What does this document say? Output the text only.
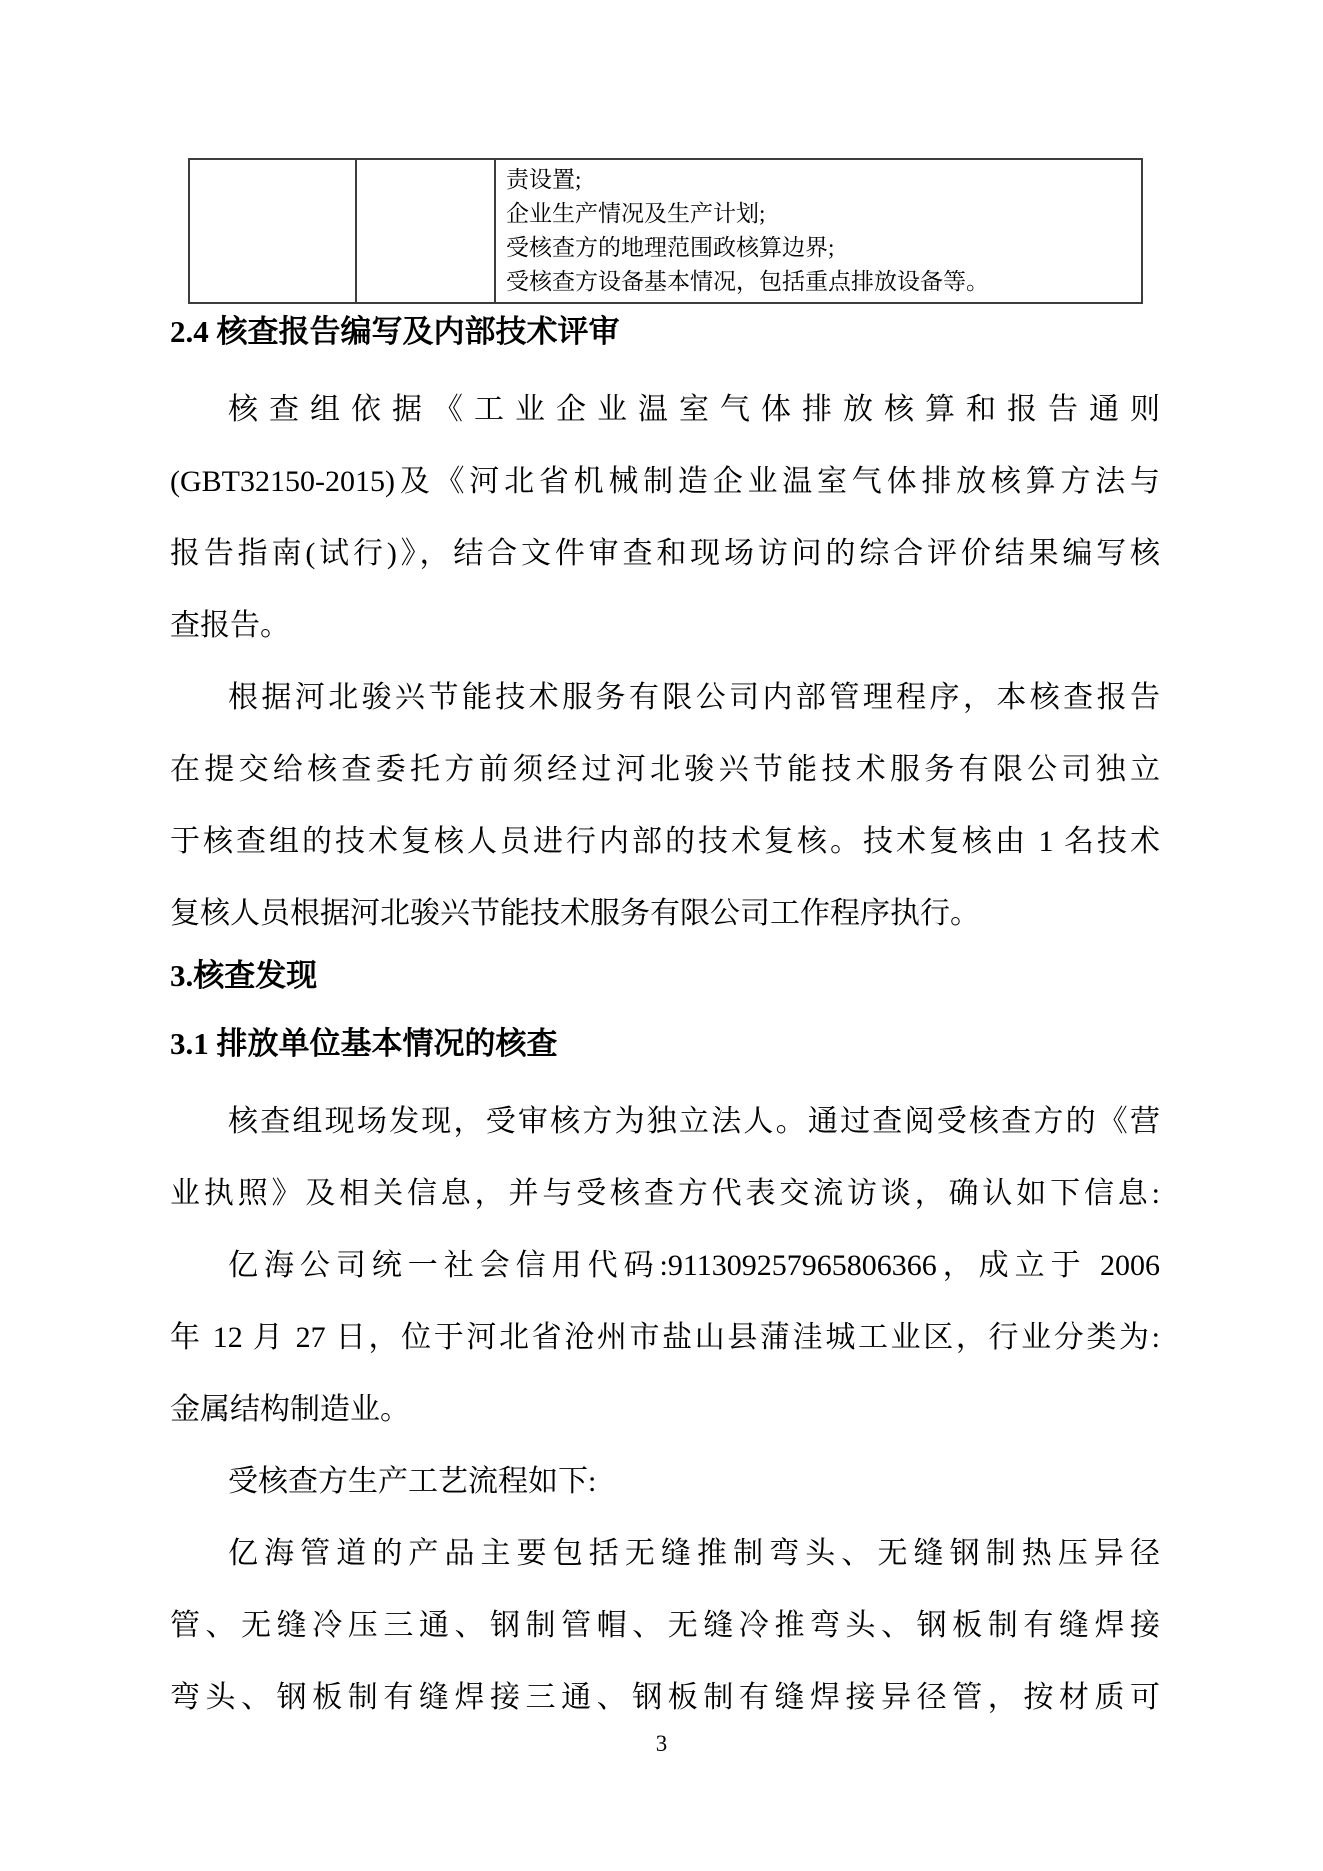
责设置;
企业生产情况及生产计划;
受核查方的地理范围政核算边界;
受核查方设备基本情况，包括重点排放设备等。
2.4 核查报告编写及内部技术评审
核查组依据《工业企业温室气体排放核算和报告通则
(GBT32150-2015)及《河北省机械制造企业温室气体排放核算方法与
报告指南(试行)》，结合文件审查和现场访问的综合评价结果编写核
查报告。
根据河北骏兴节能技术服务有限公司内部管理程序，本核查报告
在提交给核查委托方前须经过河北骏兴节能技术服务有限公司独立
于核查组的技术复核人员进行内部的技术复核。技术复核由 1 名技术
复核人员根据河北骏兴节能技术服务有限公司工作程序执行。
3.核查发现
3.1 排放单位基本情况的核查
核查组现场发现，受审核方为独立法人。通过查阅受核查方的《营
业执照》及相关信息，并与受核查方代表交流访谈，确认如下信息:
亿海公司统一社会信用代码:911309257965806366，成立于 2006
年 12 月 27 日，位于河北省沧州市盐山县蒲洼城工业区，行业分类为:
金属结构制造业。
受核查方生产工艺流程如下:
亿海管道的产品主要包括无缝推制弯头、无缝钢制热压异径
管、无缝冷压三通、钢制管帽、无缝冷推弯头、钢板制有缝焊接
弯头、钢板制有缝焊接三通、钢板制有缝焊接异径管，按材质可
3
